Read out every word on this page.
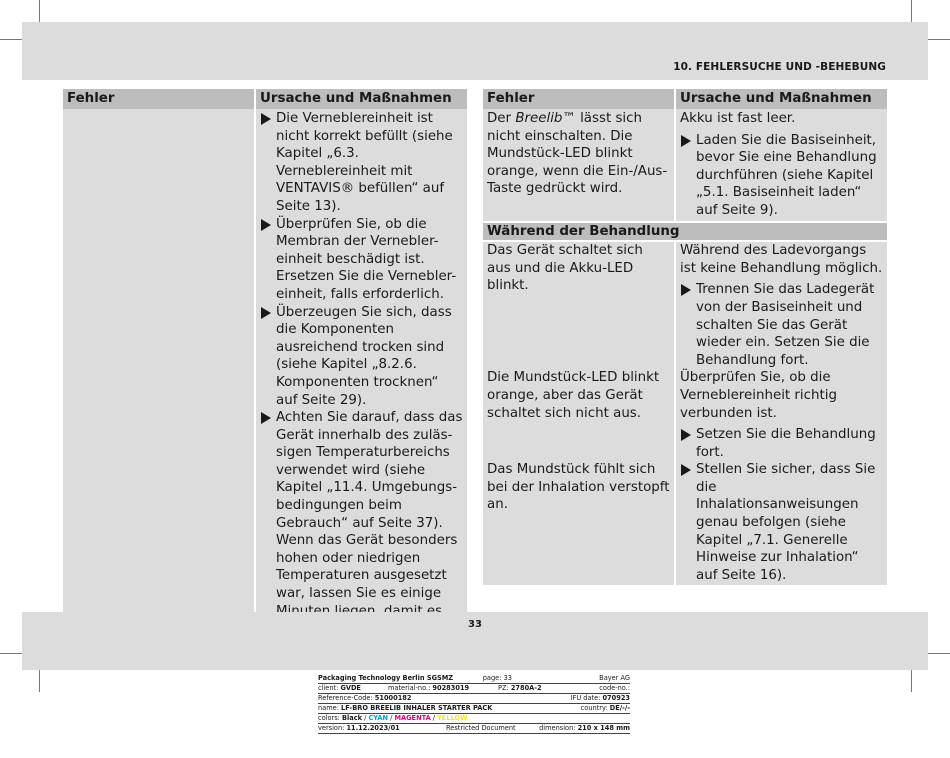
10. FEHLERSUCHE UND -BEHEBUNG
Fehler	Ursache und Maßnahmen

Die Verneblereinheit ist nicht korrekt befüllt (siehe Kapitel „6.3. Verneblereinheit mit VENTAVIS® befüllen“ auf Seite 13).
Überprüfen Sie, ob die Membran der Vernebler-einheit beschädigt ist. Ersetzen Sie die Vernebler-einheit, falls erforderlich.
Überzeugen Sie sich, dass die Komponenten ausreichend trocken sind (siehe Kapitel „8.2.6. Komponenten trocknen“ auf Seite 29).
Achten Sie darauf, dass das Gerät innerhalb des zuläs-sigen Temperaturbereichs verwendet wird (siehe Kapitel „11.4. Umgebungs-bedingungen beim Gebrauch“ auf Seite 37). Wenn das Gerät besonders hohen oder niedrigen Temperaturen ausgesetzt war, lassen Sie es einige
Fehler	Ursache und Maßnahmen
Der Breelib™ lässt sich nicht einschalten. Die Mundstück-LED blinkt orange, wenn die Ein-/Aus-Taste gedrückt wird.	Akku ist fast leer.
Laden Sie die Basiseinheit, bevor Sie eine Behandlung durchführen (siehe Kapitel „5.1. Basiseinheit laden“ auf Seite 9).

Während der Behandlung	
Das Gerät schaltet sich aus und die Akku-LED blinkt.	Während des Ladevorgangs ist keine Behandlung möglich.
Trennen Sie das Ladegerät von der Basiseinheit und schalten Sie das Gerät wieder ein. Setzen Sie die Behandlung fort.

Die Mundstück-LED blinkt orange, aber das Gerät schaltet sich nicht aus.	Überprüfen Sie, ob die Verneblereinheit richtig verbunden ist.
Setzen Sie die Behandlung fort.

Das Mundstück fühlt sich bei der Inhalation verstopft an.	Stellen Sie sicher, dass Sie die Inhalationsanweisungen genau befolgen (siehe Kapitel „7.1. Generelle Hinweise zur Inhalation“ auf Seite 16).
33
Packaging Technology Berlin SGSMZ	page: 33	Bayer AG
client: GVDE	material-no.: 90283019	PZ: 2780A-2	code-no.:
Reference-Code: 51000182	IFU date: 070923
name: LF-BRO BREELIB INHALER STARTER PACK	country: DE/-/-
colors: Black / CYAN / MAGENTA / YELLOW
version: 11.12.2023/01	Restricted Document	dimension: 210 x 148 mm
